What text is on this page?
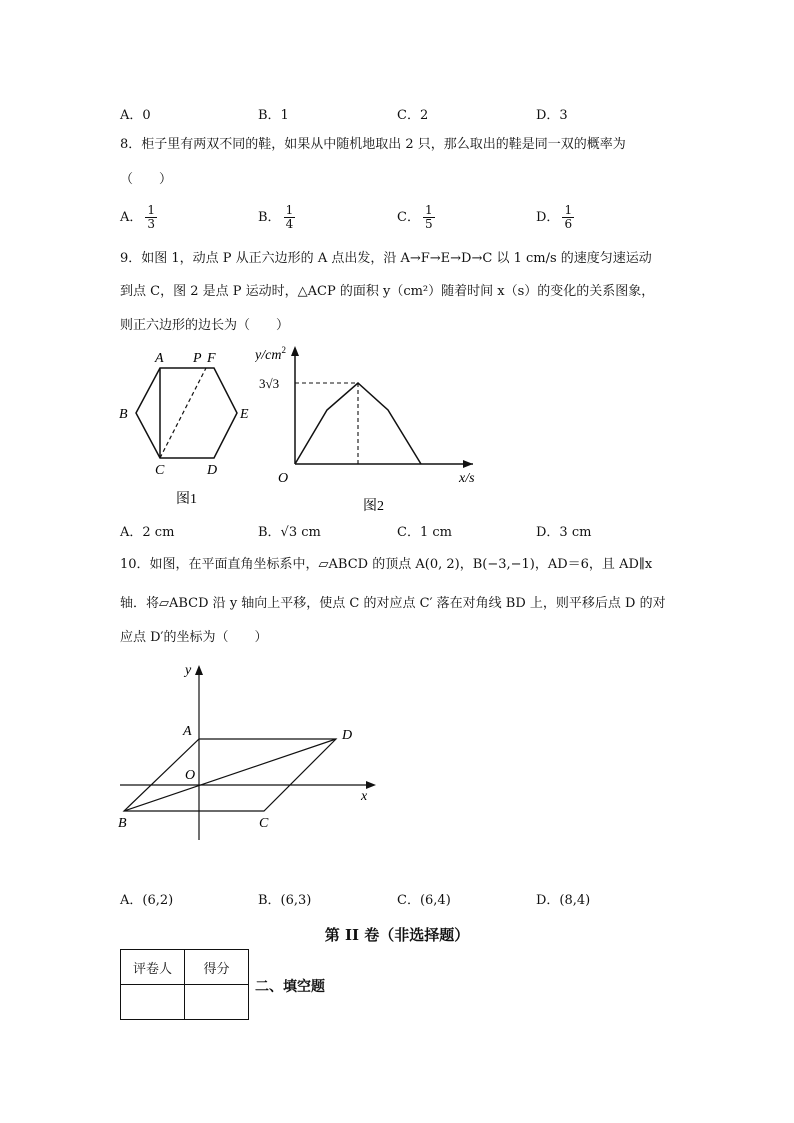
A．0	B．1	C．2	D．3
8．柜子里有两双不同的鞋，如果从中随机地取出 2 只，那么取出的鞋是同一双的概率为
（　　）
A． $\frac{1}{3}$	B． $\frac{1}{4}$	C． $\frac{1}{5}$	D． $\frac{1}{6}$
9．如图 1，动点 P 从正六边形的 A 点出发，沿 A→F→E→D→C 以 1 cm/s 的速度匀速运动
到点 C，图 2 是点 P 运动时，△ACP 的面积 y（cm²）随着时间 x（s）的变化的关系图象，
则正六边形的边长为（　　）
A P F
B	E
C	D
图1
$y/cm^2$
3√3
O	x/s
图2
A．2 cm	B．√3 cm	C．1 cm	D．3 cm
10．如图，在平面直角坐标系中，▱ABCD 的顶点 A(0, 2)，B(−3,−1)，AD＝6，且 AD∥x
轴．将▱ABCD 沿 y 轴向上平移，使点 C 的对应点 C′ 落在对角线 BD 上，则平移后点 D 的对
应点 D′的坐标为（　　）
y
x
A
O
D
B	C
A．(6,2)	B．(6,3)	C．(6,4)	D．(8,4)
第 II 卷（非选择题）
评卷人	得分

二、填空题
